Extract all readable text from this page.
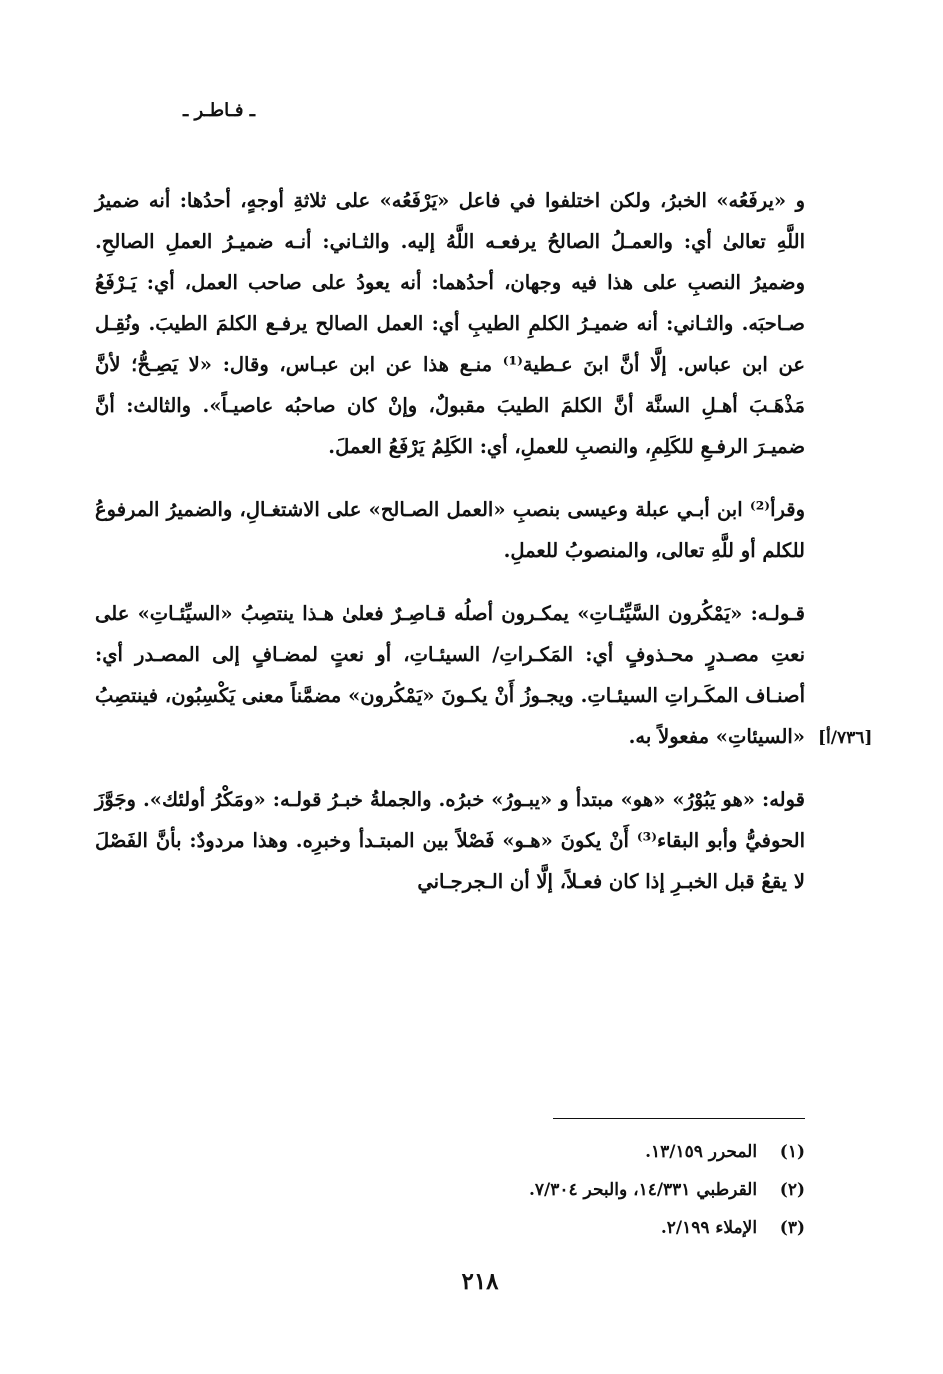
ـ فـاطـر ـ

و «يرفَعُه» الخبرُ، ولكن اختلفوا في فاعل «يَرْفَعُه» على ثلاثةِ أوجهٍ، أحدُها: أنه ضميرُ اللَّهِ تعالىٰ أي: والعمـلُ الصالحُ يرفعـه اللَّهُ إليه. والثـاني: أنـه ضميـرُ العملِ الصالحِ. وضميرُ النصبِ على هذا فيه وجهان، أحدُهما: أنه يعودُ على صاحب العمل، أي: يَـرْفَعُ صـاحبَه. والثـاني: أنه ضميـرُ الكلمِ الطيبِ أي: العمل الصالح يرفـع الكلمَ الطيبَ. ونُقِـل عن ابن عباس. إلَّا أنَّ ابنَ عـطية⁽¹⁾ منـع هذا عن ابن عبـاس، وقال: «لا يَصِـحُّ؛ لأنَّ مَذْهَـبَ أهـلِ السنَّة أنَّ الكلمَ الطيبَ مقبولٌ، وإنْ كان صاحبُه عاصيـاً». والثالث: أنَّ ضميـرَ الرفـعِ للكَلِمِ، والنصبِ للعملِ، أي: الكَلِمُ يَرْفَعُ العملَ.

وقرأ⁽²⁾ ابن أبـي عبلة وعيسى بنصبِ «العمل الصـالح» على الاشتغـالِ، والضميرُ المرفوعُ للكلم أو للَّهِ تعالى، والمنصوبُ للعملِ.

قـولـه: «يَمْكُرون السَّيِّئـاتِ» يمكـرون أصلُه قـاصِـرٌ فعلىٰ هـذا ينتصِبُ «السيِّئـاتِ» على نعتِ مصـدرٍ محـذوفٍ أي: المَكـراتِ/ السيئـاتِ، أو نعتٍ لمضـافٍ إلى المصـدر أي: أصنـاف المكَـراتِ السيئـاتِ. ويجـوزُ أَنْ يكـونَ «يَمْكُرون» مضمَّناً معنى يَكْسِبُون، فينتصِبُ «السيئاتِ» مفعولاً به.

قوله: «هو يَبُوْرُ» «هو» مبتدأ و «يبـورُ» خبرُه. والجملةُ خبـرُ قولـه: «ومَكْرُ أولئك». وجَوَّزَ الحوفيُّ وأبو البقاء⁽³⁾ أَنْ يكونَ «هـو» فَصْلاً بين المبتـدأ وخبرِه. وهذا مردودٌ: بأنَّ الفَصْلَ لا يقعُ قبل الخبـرِ إذا كان فعـلاً، إلَّا أن الـجرجـاني

[٧٣٦/أ]
(١) المحرر ١٣/١٥٩.
(٢) القرطبي ١٤/٣٣١، والبحر ٧/٣٠٤.
(٣) الإملاء ٢/١٩٩.
٢١٨
